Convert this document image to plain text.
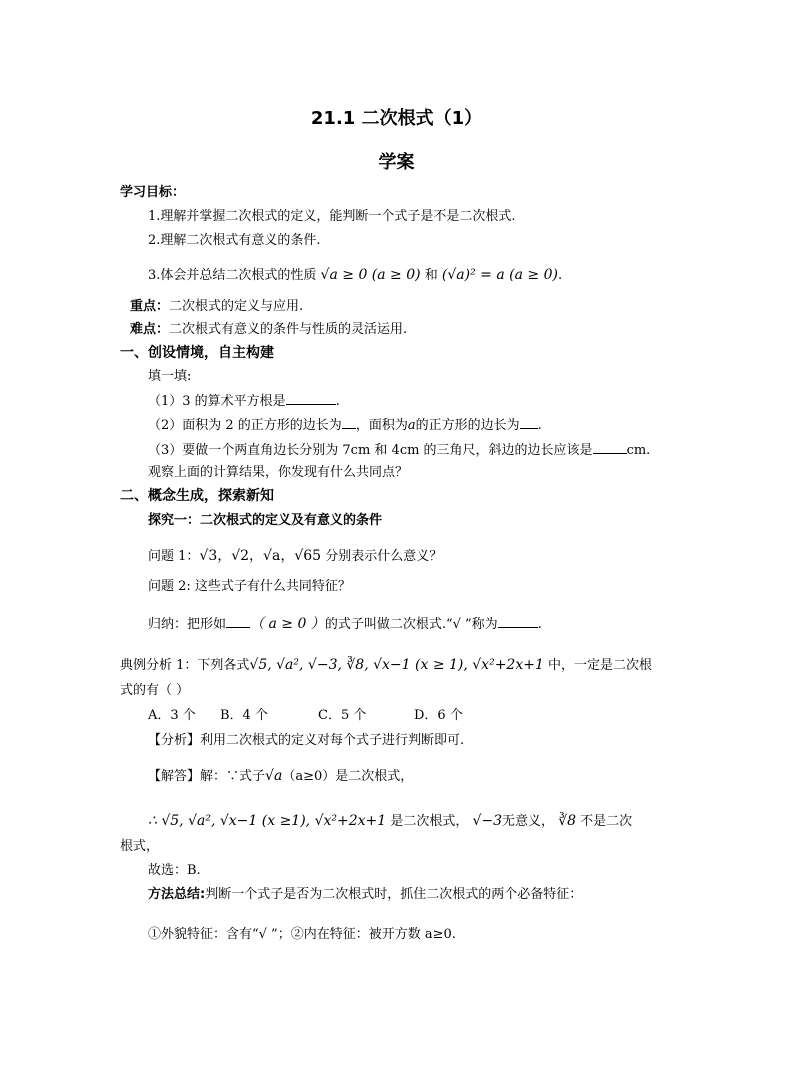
21.1 二次根式（1）
学案
学习目标：
1.理解并掌握二次根式的定义，能判断一个式子是不是二次根式.
2.理解二次根式有意义的条件.
3.体会并总结二次根式的性质 √a ≥ 0 (a ≥ 0) 和 (√a)² = a (a ≥ 0).
重点：二次根式的定义与应用.
难点：二次根式有意义的条件与性质的灵活运用.
一、创设情境，自主构建
填一填:
（1）3 的算术平方根是	.
（2）面积为 2 的正方形的边长为 ，面积为a的正方形的边长为 .
（3）要做一个两直角边长分别为 7cm 和 4cm 的三角尺，斜边的边长应该是	cm.
观察上面的计算结果，你发现有什么共同点？
二、概念生成，探索新知
探究一：二次根式的定义及有意义的条件
问题 1：√3，√2，√a，√65 分别表示什么意义？
问题 2: 这些式子有什么共同特征？
归纳：把形如 （ a ≥ 0 ）的式子叫做二次根式.“√ ”称为	.
典例分析 1：下列各式√5, √a², √−3, ∛8, √x−1 (x ≥ 1), √x²+2x+1 中，一定是二次根
式的有（ ）
A．3 个 B．4 个	C．5 个	D．6 个
【分析】利用二次根式的定义对每个式子进行判断即可.
【解答】解：∵式子√a（a≥0）是二次根式，
∴ √5, √a², √x−1 (x ≥1), √x²+2x+1 是二次根式， √−3无意义， ∛8 不是二次
根式，
故选：B.
方法总结:判断一个式子是否为二次根式时，抓住二次根式的两个必备特征：
①外貌特征：含有“√ ”；②内在特征：被开方数 a≥0.
